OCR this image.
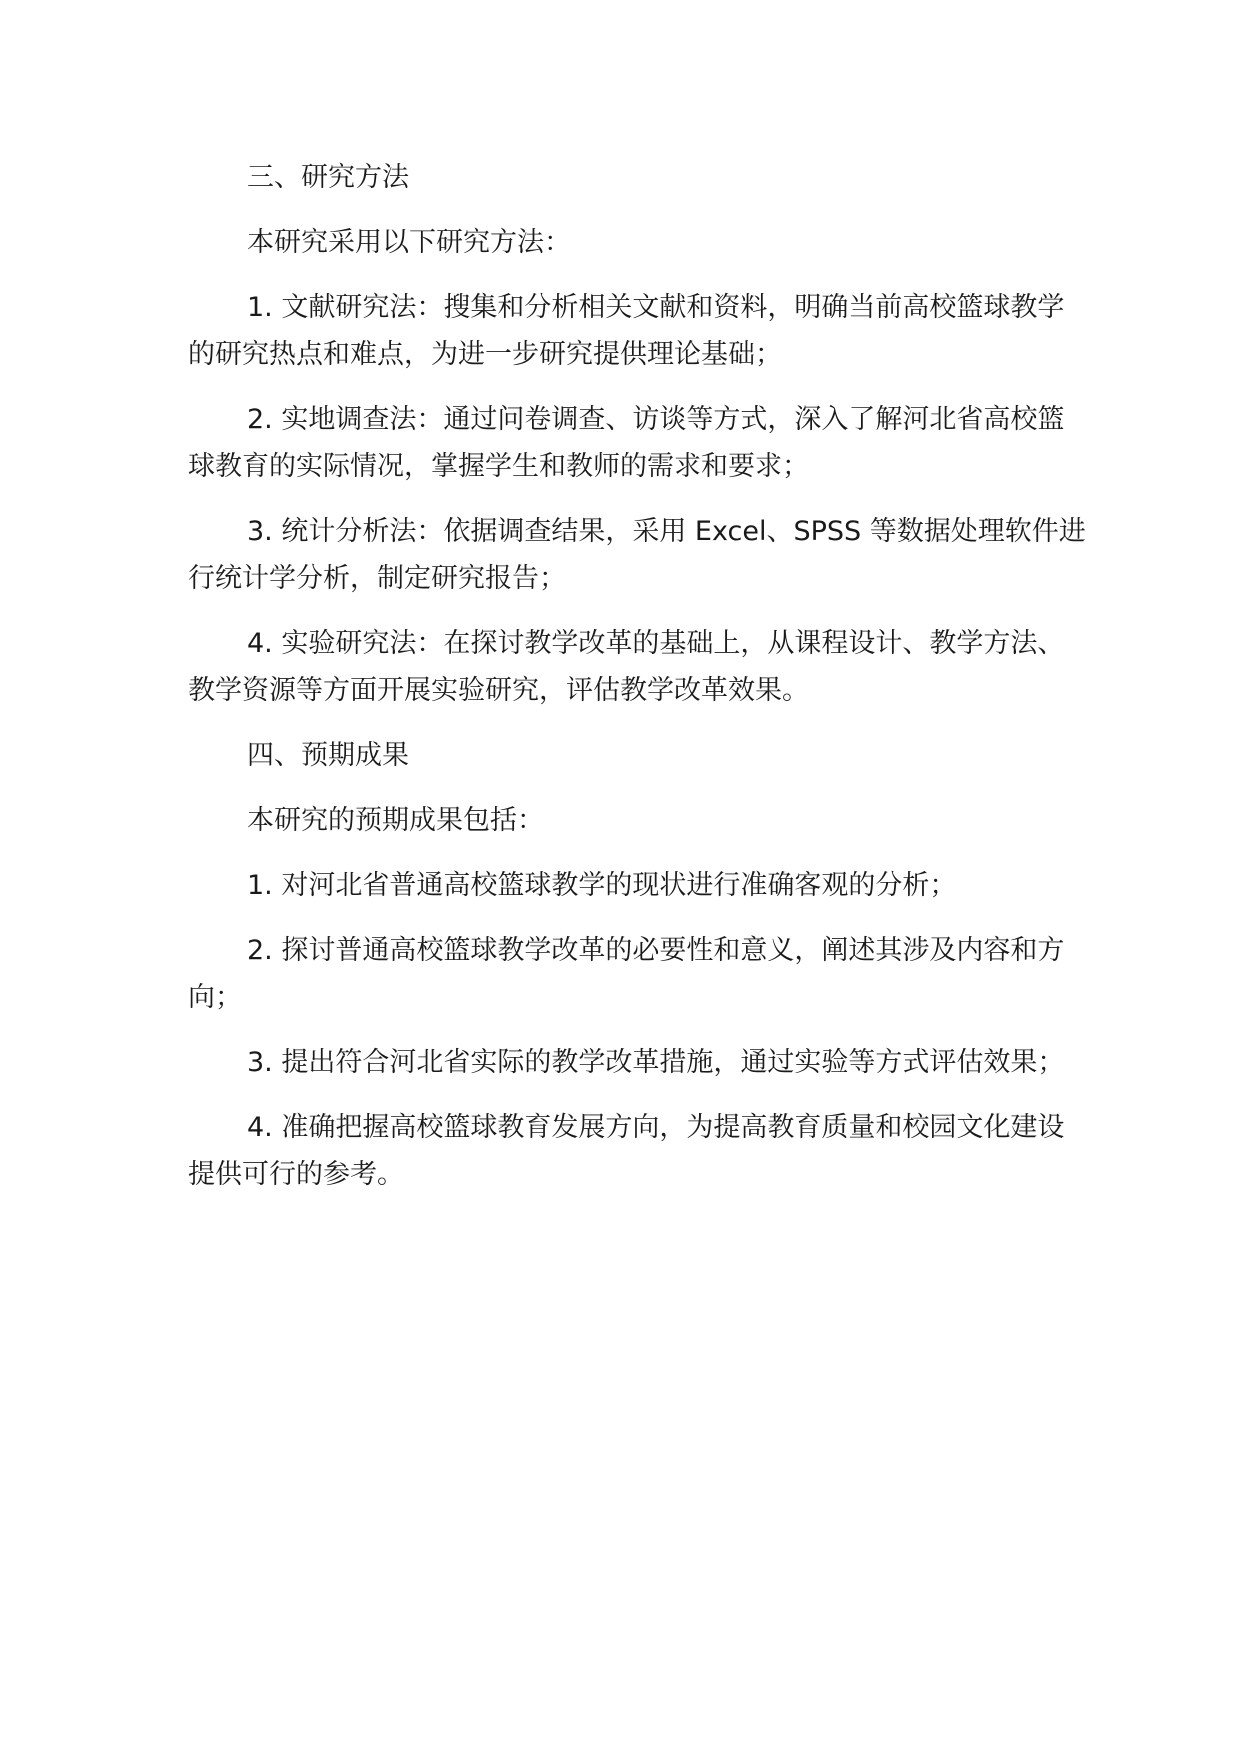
三、研究方法

本研究采用以下研究方法：

1. 文献研究法：搜集和分析相关文献和资料，明确当前高校篮球教学的研究热点和难点，为进一步研究提供理论基础；

2. 实地调查法：通过问卷调查、访谈等方式，深入了解河北省高校篮球教育的实际情况，掌握学生和教师的需求和要求；

3. 统计分析法：依据调查结果，采用 Excel、SPSS 等数据处理软件进行统计学分析，制定研究报告；

4. 实验研究法：在探讨教学改革的基础上，从课程设计、教学方法、教学资源等方面开展实验研究，评估教学改革效果。

四、预期成果

本研究的预期成果包括：

1. 对河北省普通高校篮球教学的现状进行准确客观的分析；

2. 探讨普通高校篮球教学改革的必要性和意义，阐述其涉及内容和方向；

3. 提出符合河北省实际的教学改革措施，通过实验等方式评估效果；

4. 准确把握高校篮球教育发展方向，为提高教育质量和校园文化建设提供可行的参考。
